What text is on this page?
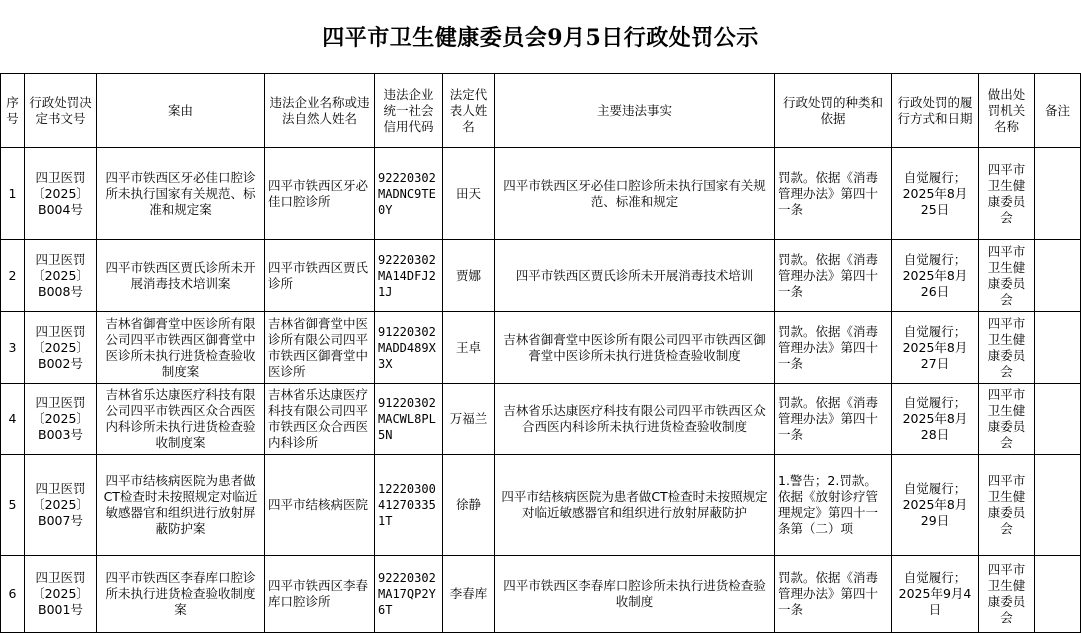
四平市卫生健康委员会9月5日行政处罚公示
序号	行政处罚决定书文号	案由	违法企业名称或违法自然人姓名	违法企业统一社会信用代码	法定代表人姓名	主要违法事实	行政处罚的种类和依据	行政处罚的履行方式和日期	做出处罚机关名称	备注
1	四卫医罚〔2025〕B004号	四平市铁西区牙必佳口腔诊所未执行国家有关规范、标准和规定案	四平市铁西区牙必佳口腔诊所	92220302MADNC9TE0Y	田天	四平市铁西区牙必佳口腔诊所未执行国家有关规范、标准和规定	罚款。依据《消毒管理办法》第四十一条	自觉履行；2025年8月25日	四平市卫生健康委员会	
2	四卫医罚〔2025〕B008号	四平市铁西区贾氏诊所未开展消毒技术培训案	四平市铁西区贾氏诊所	92220302MA14DFJ21J	贾娜	四平市铁西区贾氏诊所未开展消毒技术培训	罚款。依据《消毒管理办法》第四十一条	自觉履行；2025年8月26日	四平市卫生健康委员会	
3	四卫医罚〔2025〕B002号	吉林省御膏堂中医诊所有限公司四平市铁西区御膏堂中医诊所未执行进货检查验收制度案	吉林省御膏堂中医诊所有限公司四平市铁西区御膏堂中医诊所	91220302MADD489X3X	王卓	吉林省御膏堂中医诊所有限公司四平市铁西区御膏堂中医诊所未执行进货检查验收制度	罚款。依据《消毒管理办法》第四十一条	自觉履行；2025年8月27日	四平市卫生健康委员会	
4	四卫医罚〔2025〕B003号	吉林省乐达康医疗科技有限公司四平市铁西区众合西医内科诊所未执行进货检查验收制度案	吉林省乐达康医疗科技有限公司四平市铁西区众合西医内科诊所	91220302MACWL8PL5N	万福兰	吉林省乐达康医疗科技有限公司四平市铁西区众合西医内科诊所未执行进货检查验收制度	罚款。依据《消毒管理办法》第四十一条	自觉履行；2025年8月28日	四平市卫生健康委员会	
5	四卫医罚〔2025〕B007号	四平市结核病医院为患者做CT检查时未按照规定对临近敏感器官和组织进行放射屏蔽防护案	四平市结核病医院	12220300412703351T	徐静	四平市结核病医院为患者做CT检查时未按照规定对临近敏感器官和组织进行放射屏蔽防护	1.警告；2.罚款。依据《放射诊疗管理规定》第四十一条第（二）项	自觉履行；2025年8月29日	四平市卫生健康委员会	
6	四卫医罚〔2025〕B001号	四平市铁西区李春库口腔诊所未执行进货检查验收制度案	四平市铁西区李春库口腔诊所	92220302MA17QP2Y6T	李春库	四平市铁西区李春库口腔诊所未执行进货检查验收制度	罚款。依据《消毒管理办法》第四十一条	自觉履行；2025年9月4日	四平市卫生健康委员会	
